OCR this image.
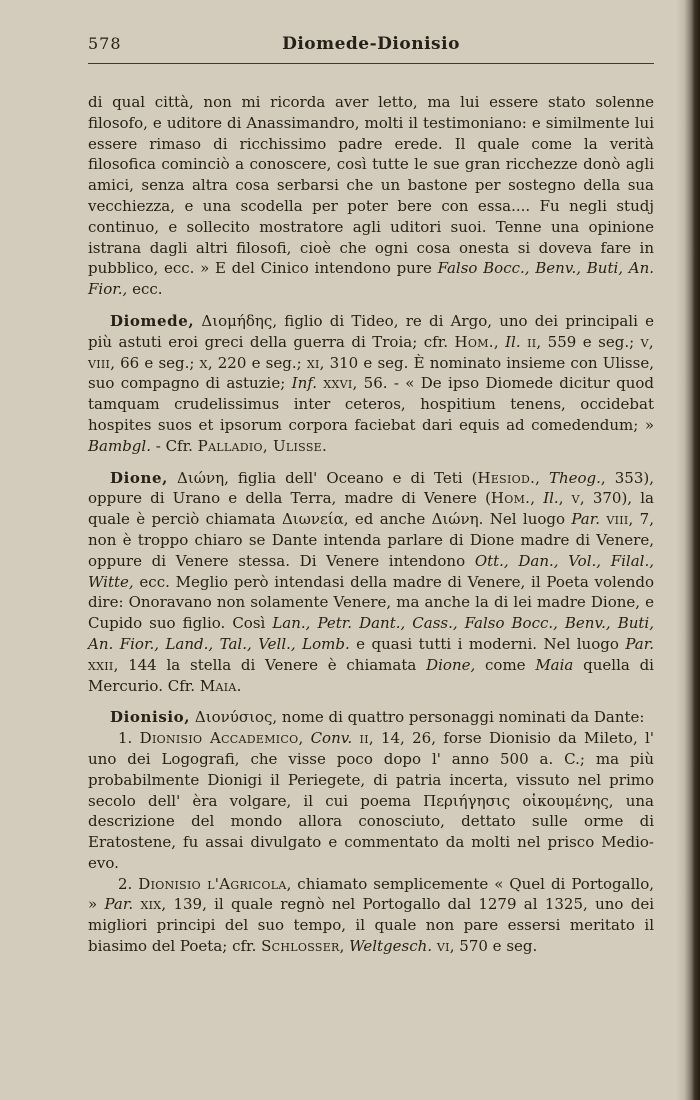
578	Diomede-Dionisio

di qual città, non mi ricorda aver letto, ma lui essere stato solenne filosofo, e uditore di Anassimandro, molti il testimoniano: e similmente lui essere rimaso di ricchissimo padre erede. Il quale come la verità filosofica cominciò a conoscere, così tutte le sue gran ricchezze donò agli amici, senza altra cosa serbarsi che un bastone per sostegno della sua vecchiezza, e una scodella per poter bere con essa.... Fu negli studj continuo, e sollecito mostratore agli uditori suoi. Tenne una opinione istrana dagli altri filosofi, cioè che ogni cosa onesta si doveva fare in pubblico, ecc. » E del Cinico intendono pure Falso Bocc., Benv., Buti, An. Fior., ecc.

Diomede, Διομήδης, figlio di Tideo, re di Argo, uno dei principali e più astuti eroi greci della guerra di Troia; cfr. Hom., Il. ii, 559 e seg.; v, viii, 66 e seg.; x, 220 e seg.; xi, 310 e seg. È nominato insieme con Ulisse, suo compagno di astuzie; Inf. xxvi, 56. - « De ipso Diomede dicitur quod tamquam crudelissimus inter ceteros, hospitium tenens, occidebat hospites suos et ipsorum corpora faciebat dari equis ad comedendum; » Bambgl. - Cfr. Palladio, Ulisse.

Dione, Διώνη, figlia dell' Oceano e di Teti (Hesiod., Theog., 353), oppure di Urano e della Terra, madre di Venere (Hom., Il., v, 370), la quale è perciò chiamata Διωνεία, ed anche Διώνη. Nel luogo Par. viii, 7, non è troppo chiaro se Dante intenda parlare di Dione madre di Venere, oppure di Venere stessa. Di Venere intendono Ott., Dan., Vol., Filal., Witte, ecc. Meglio però intendasi della madre di Venere, il Poeta volendo dire: Onoravano non solamente Venere, ma anche la di lei madre Dione, e Cupido suo figlio. Così Lan., Petr. Dant., Cass., Falso Bocc., Benv., Buti, An. Fior., Land., Tal., Vell., Lomb. e quasi tutti i moderni. Nel luogo Par. xxii, 144 la stella di Venere è chiamata Dione, come Maia quella di Mercurio. Cfr. Maia.

Dionisio, Διονύσιος, nome di quattro personaggi nominati da Dante:

1. Dionisio Accademico, Conv. ii, 14, 26, forse Dionisio da Mileto, l' uno dei Logografi, che visse poco dopo l' anno 500 a. C.; ma più probabilmente Dionigi il Periegete, di patria incerta, vissuto nel primo secolo dell' èra volgare, il cui poema Περιήγησις οἰκουμένης, una descrizione del mondo allora conosciuto, dettato sulle orme di Eratostene, fu assai divulgato e commentato da molti nel prisco Medio-evo.

2. Dionisio l'Agricola, chiamato semplicemente « Quel di Portogallo, » Par. xix, 139, il quale regnò nel Portogallo dal 1279 al 1325, uno dei migliori principi del suo tempo, il quale non pare essersi meritato il biasimo del Poeta; cfr. Schlosser, Weltgesch. vi, 570 e seg.
